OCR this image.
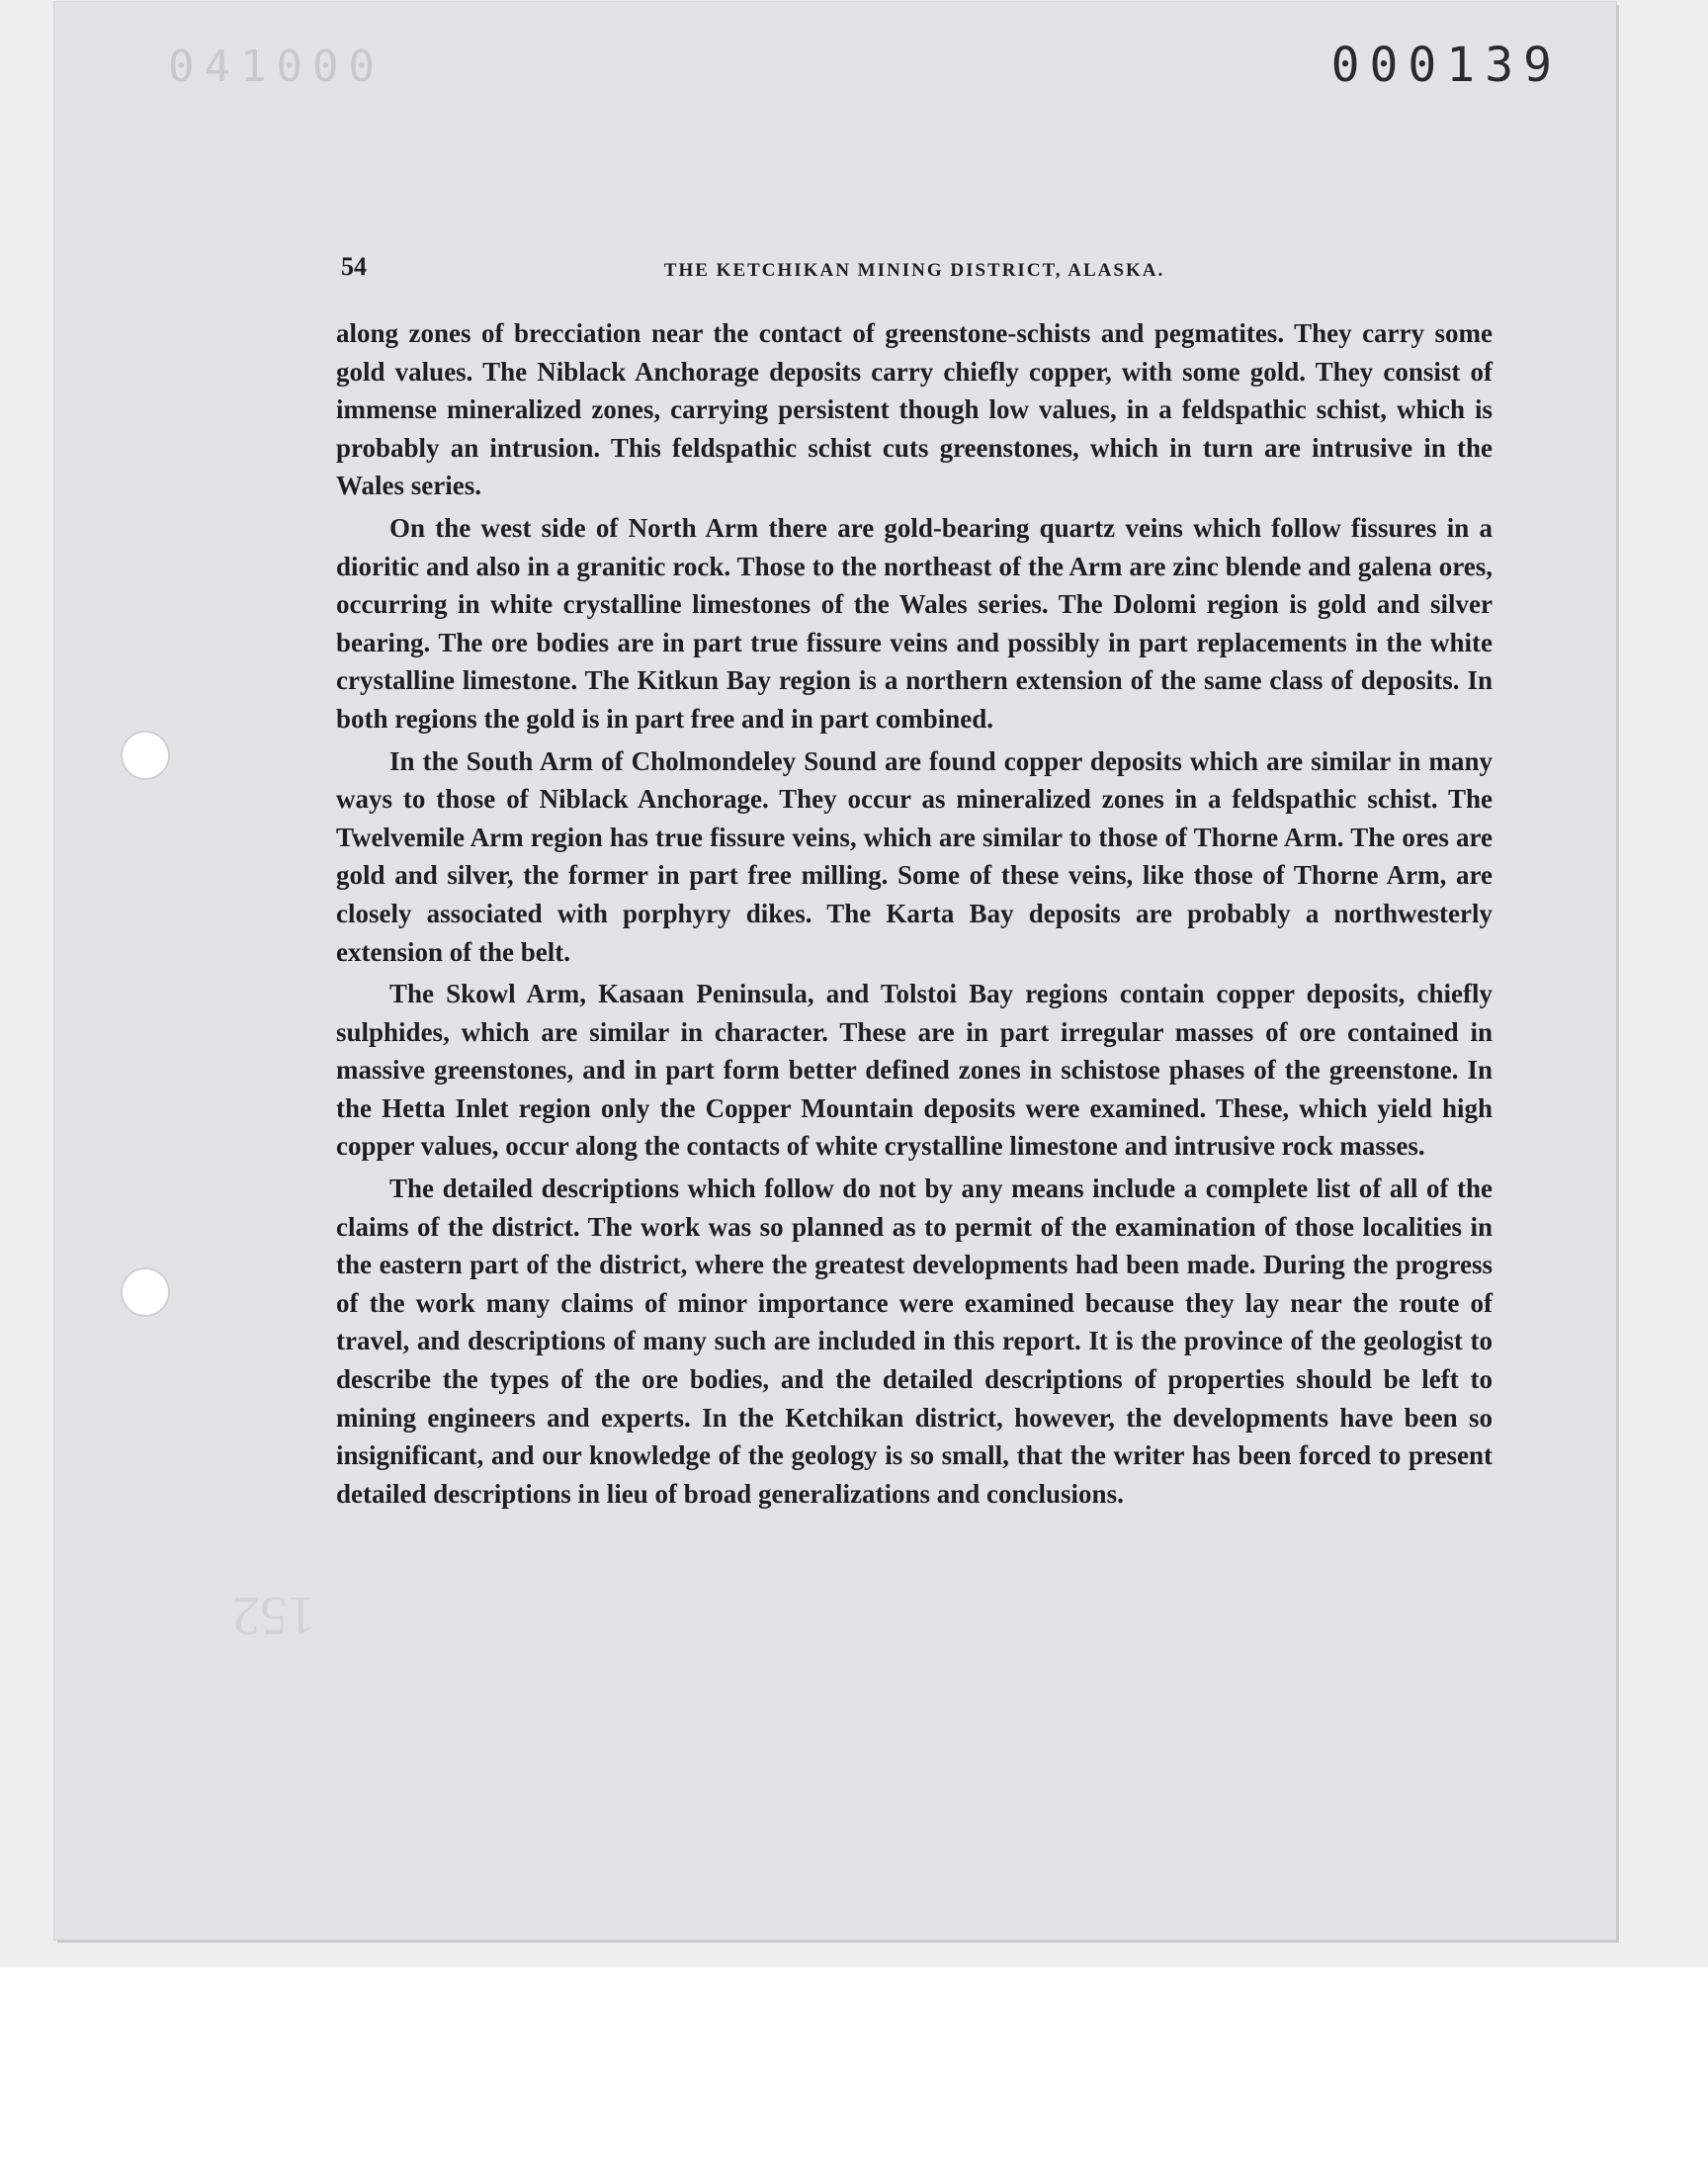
041000	000139
152
54	THE KETCHIKAN MINING DISTRICT, ALASKA.

along zones of brecciation near the contact of greenstone-schists and pegmatites. They carry some gold values. The Niblack Anchorage deposits carry chiefly copper, with some gold. They consist of immense mineralized zones, carrying persistent though low values, in a feldspathic schist, which is probably an intrusion. This feldspathic schist cuts greenstones, which in turn are intrusive in the Wales series.

On the west side of North Arm there are gold-bearing quartz veins which follow fissures in a dioritic and also in a granitic rock. Those to the northeast of the Arm are zinc blende and galena ores, occurring in white crystalline limestones of the Wales series. The Dolomi region is gold and silver bearing. The ore bodies are in part true fissure veins and possibly in part replacements in the white crystalline limestone. The Kitkun Bay region is a northern extension of the same class of deposits. In both regions the gold is in part free and in part combined.

In the South Arm of Cholmondeley Sound are found copper deposits which are similar in many ways to those of Niblack Anchorage. They occur as mineralized zones in a feldspathic schist. The Twelvemile Arm region has true fissure veins, which are similar to those of Thorne Arm. The ores are gold and silver, the former in part free milling. Some of these veins, like those of Thorne Arm, are closely associated with porphyry dikes. The Karta Bay deposits are probably a northwesterly extension of the belt.

The Skowl Arm, Kasaan Peninsula, and Tolstoi Bay regions contain copper deposits, chiefly sulphides, which are similar in character. These are in part irregular masses of ore contained in massive greenstones, and in part form better defined zones in schistose phases of the greenstone. In the Hetta Inlet region only the Copper Mountain deposits were examined. These, which yield high copper values, occur along the contacts of white crystalline limestone and intrusive rock masses.

The detailed descriptions which follow do not by any means include a complete list of all of the claims of the district. The work was so planned as to permit of the examination of those localities in the eastern part of the district, where the greatest developments had been made. During the progress of the work many claims of minor importance were examined because they lay near the route of travel, and descriptions of many such are included in this report. It is the province of the geologist to describe the types of the ore bodies, and the detailed descriptions of properties should be left to mining engineers and experts. In the Ketchikan district, however, the developments have been so insignificant, and our knowledge of the geology is so small, that the writer has been forced to present detailed descriptions in lieu of broad generalizations and conclusions.
